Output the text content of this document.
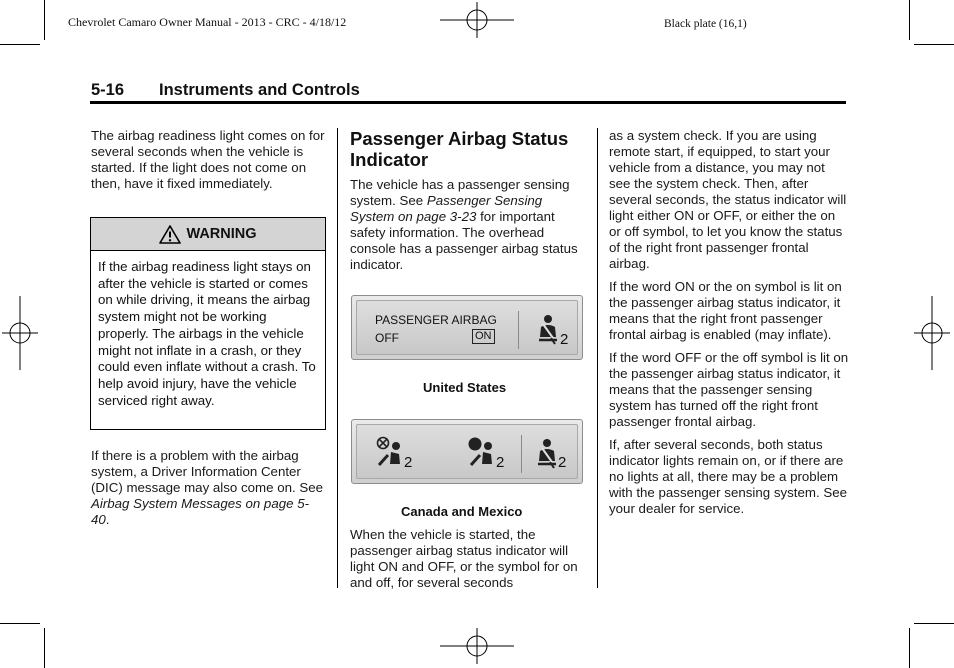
Chevrolet Camaro Owner Manual - 2013 - CRC - 4/18/12	Black plate (16,1)
5-16 Instruments and Controls

The airbag readiness light comes on for several seconds when the vehicle is started. If the light does not come on then, have it fixed immediately.

WARNING
If the airbag readiness light stays on after the vehicle is started or comes on while driving, it means the airbag system might not be working properly. The airbags in the vehicle might not inflate in a crash, or they could even inflate without a crash. To help avoid injury, have the vehicle serviced right away.

If there is a problem with the airbag system, a Driver Information Center (DIC) message may also come on. See Airbag System Messages on page 5-40.

Passenger Airbag Status Indicator

The vehicle has a passenger sensing system. See Passenger Sensing System on page 3-23 for important safety information. The overhead console has a passenger airbag status indicator.

PASSENGER AIRBAG
OFF	ON	2
United States
2	2	2
Canada and Mexico

When the vehicle is started, the passenger airbag status indicator will light ON and OFF, or the symbol for on and off, for several seconds

as a system check. If you are using remote start, if equipped, to start your vehicle from a distance, you may not see the system check. Then, after several seconds, the status indicator will light either ON or OFF, or either the on or off symbol, to let you know the status of the right front passenger frontal airbag.

If the word ON or the on symbol is lit on the passenger airbag status indicator, it means that the right front passenger frontal airbag is enabled (may inflate).

If the word OFF or the off symbol is lit on the passenger airbag status indicator, it means that the passenger sensing system has turned off the right front passenger frontal airbag.

If, after several seconds, both status indicator lights remain on, or if there are no lights at all, there may be a problem with the passenger sensing system. See your dealer for service.
